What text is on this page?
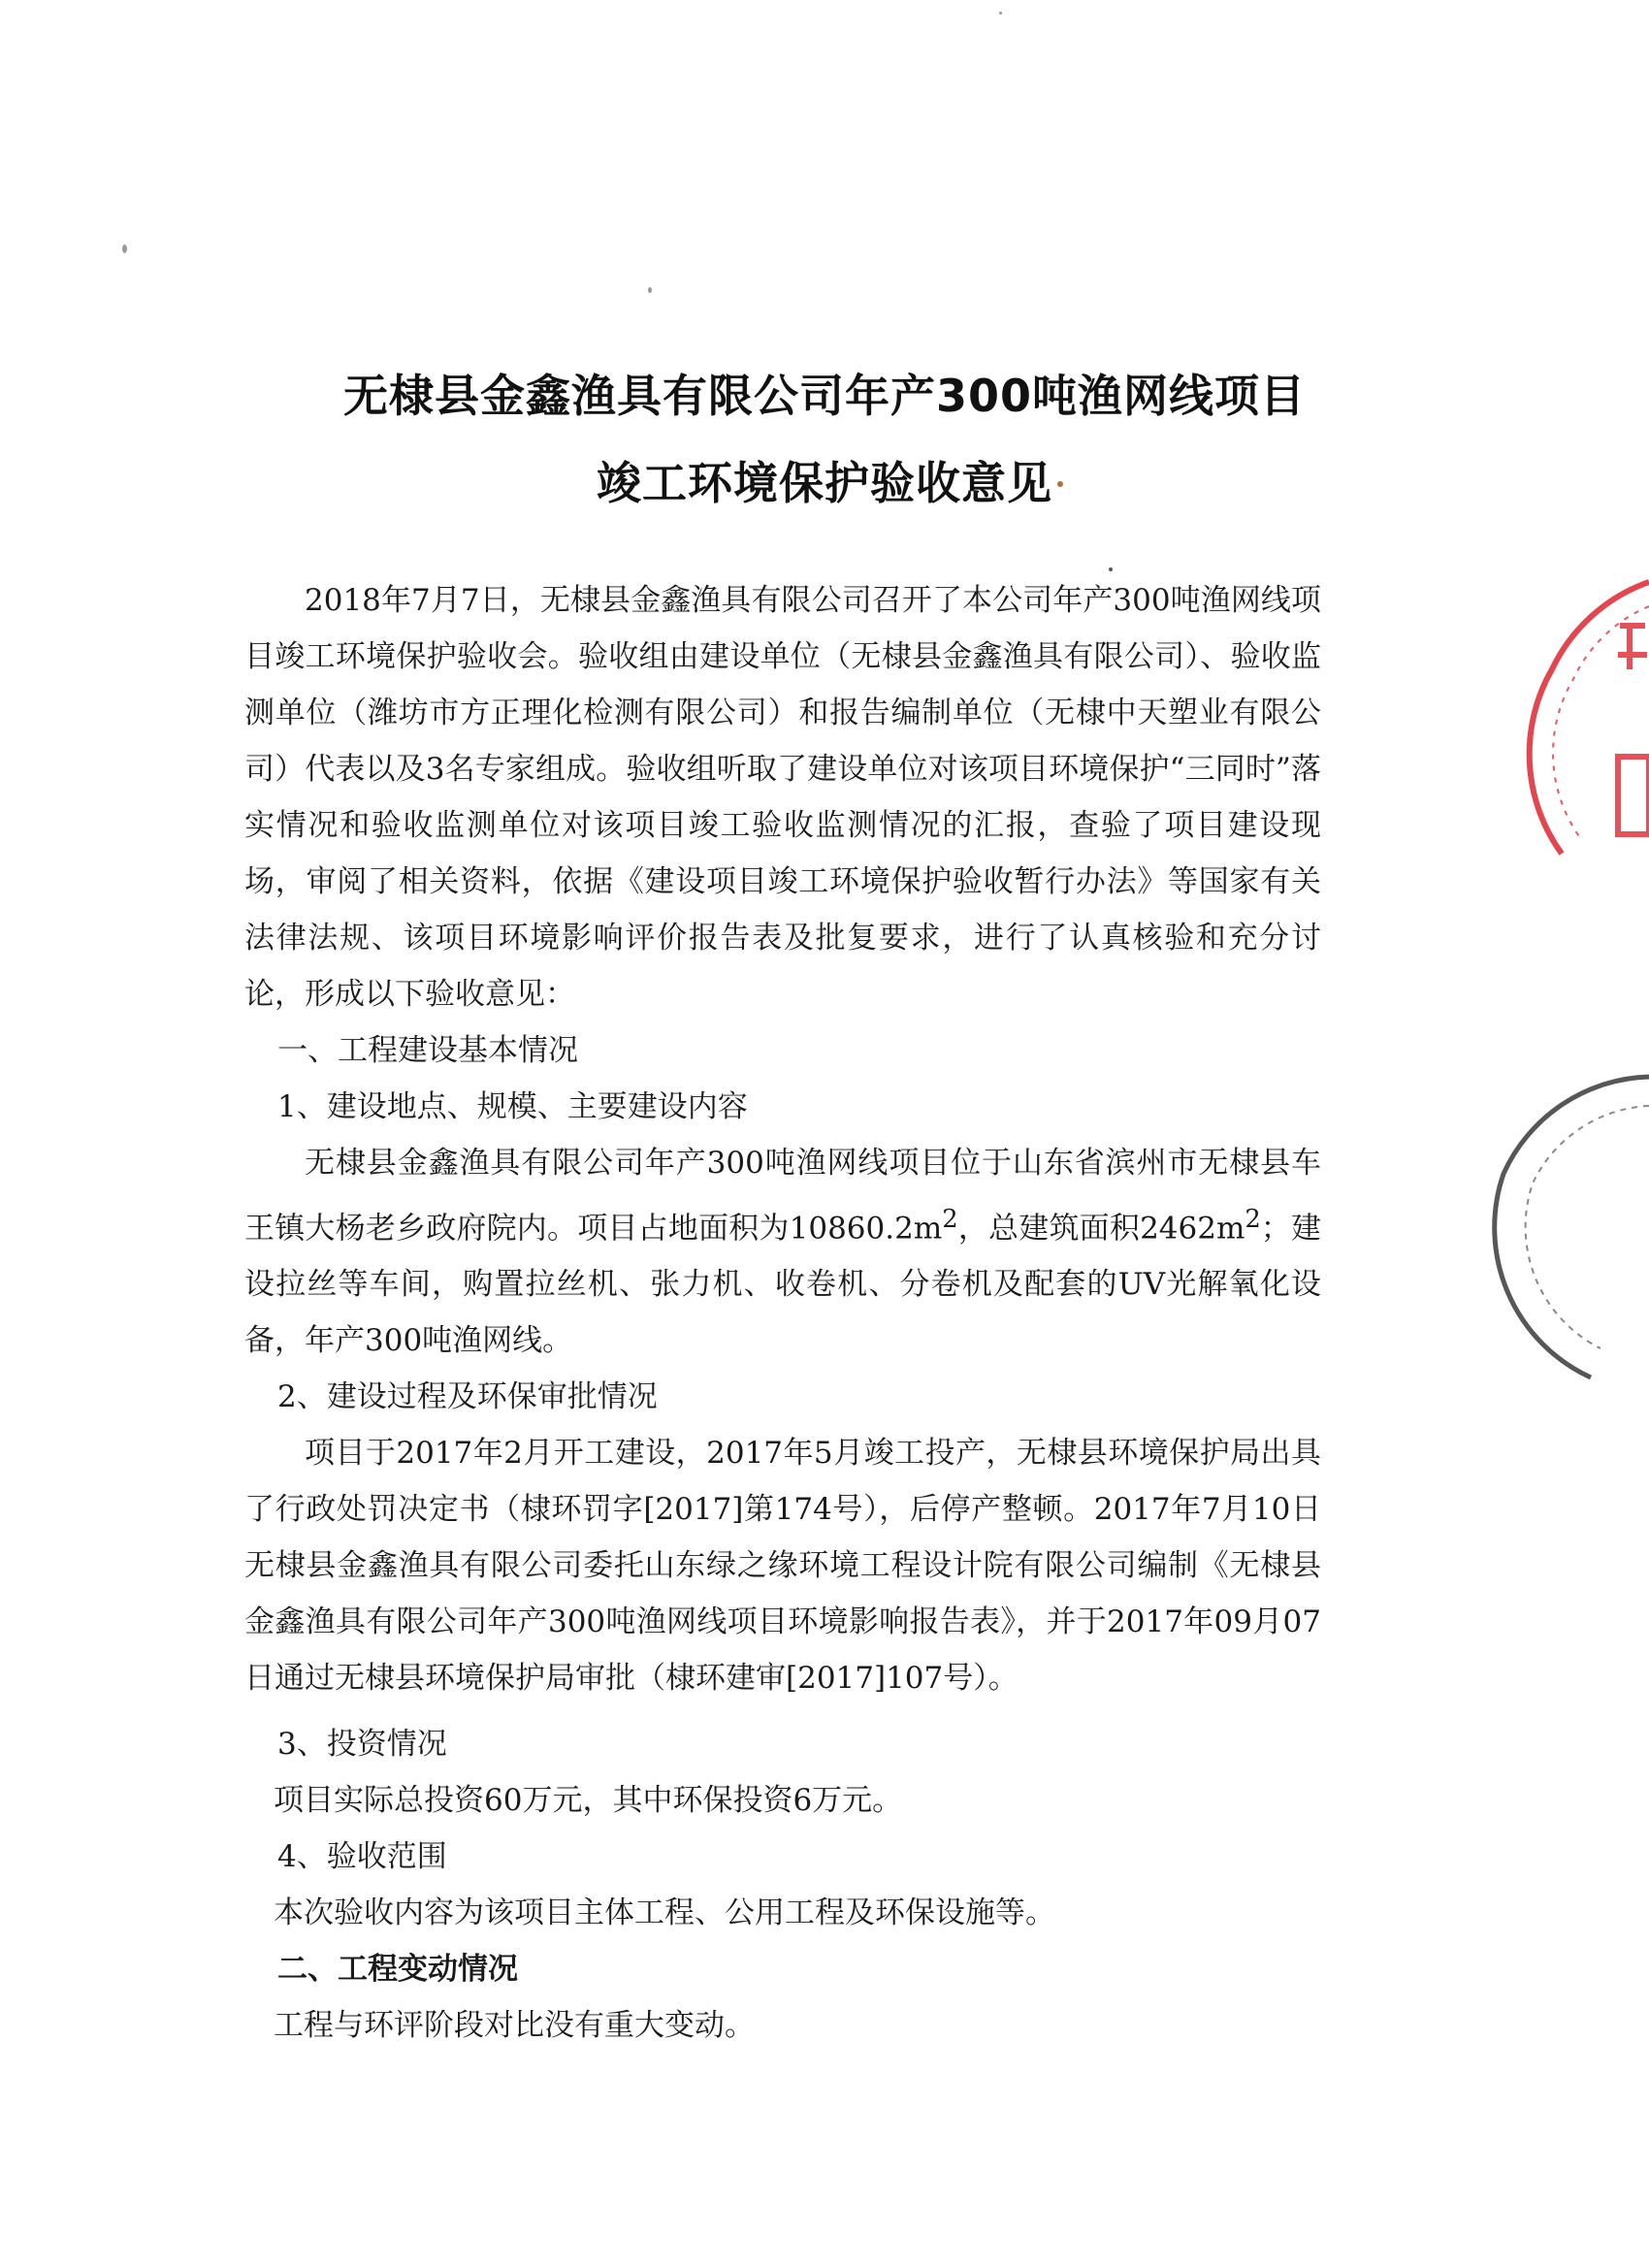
无棣县金鑫渔具有限公司年产300吨渔网线项目
竣工环境保护验收意见

2018年7月7日，无棣县金鑫渔具有限公司召开了本公司年产300吨渔网线项目竣工环境保护验收会。验收组由建设单位（无棣县金鑫渔具有限公司）、验收监测单位（潍坊市方正理化检测有限公司）和报告编制单位（无棣中天塑业有限公司）代表以及3名专家组成。验收组听取了建设单位对该项目环境保护“三同时”落实情况和验收监测单位对该项目竣工验收监测情况的汇报，查验了项目建设现场，审阅了相关资料，依据《建设项目竣工环境保护验收暂行办法》等国家有关法律法规、该项目环境影响评价报告表及批复要求，进行了认真核验和充分讨论，形成以下验收意见：

一、工程建设基本情况

1、建设地点、规模、主要建设内容

无棣县金鑫渔具有限公司年产300吨渔网线项目位于山东省滨州市无棣县车王镇大杨老乡政府院内。项目占地面积为$10860.2m^2$，总建筑面积$2462m^2$；建设拉丝等车间，购置拉丝机、张力机、收卷机、分卷机及配套的UV光解氧化设备，年产300吨渔网线。

2、建设过程及环保审批情况

项目于2017年2月开工建设，2017年5月竣工投产，无棣县环境保护局出具了行政处罚决定书（棣环罚字[2017]第174号），后停产整顿。2017年7月10日无棣县金鑫渔具有限公司委托山东绿之缘环境工程设计院有限公司编制《无棣县金鑫渔具有限公司年产300吨渔网线项目环境影响报告表》，并于2017年09月07日通过无棣县环境保护局审批（棣环建审[2017]107号）。

3、投资情况

项目实际总投资60万元，其中环保投资6万元。

4、验收范围

本次验收内容为该项目主体工程、公用工程及环保设施等。

二、工程变动情况

工程与环评阶段对比没有重大变动。
